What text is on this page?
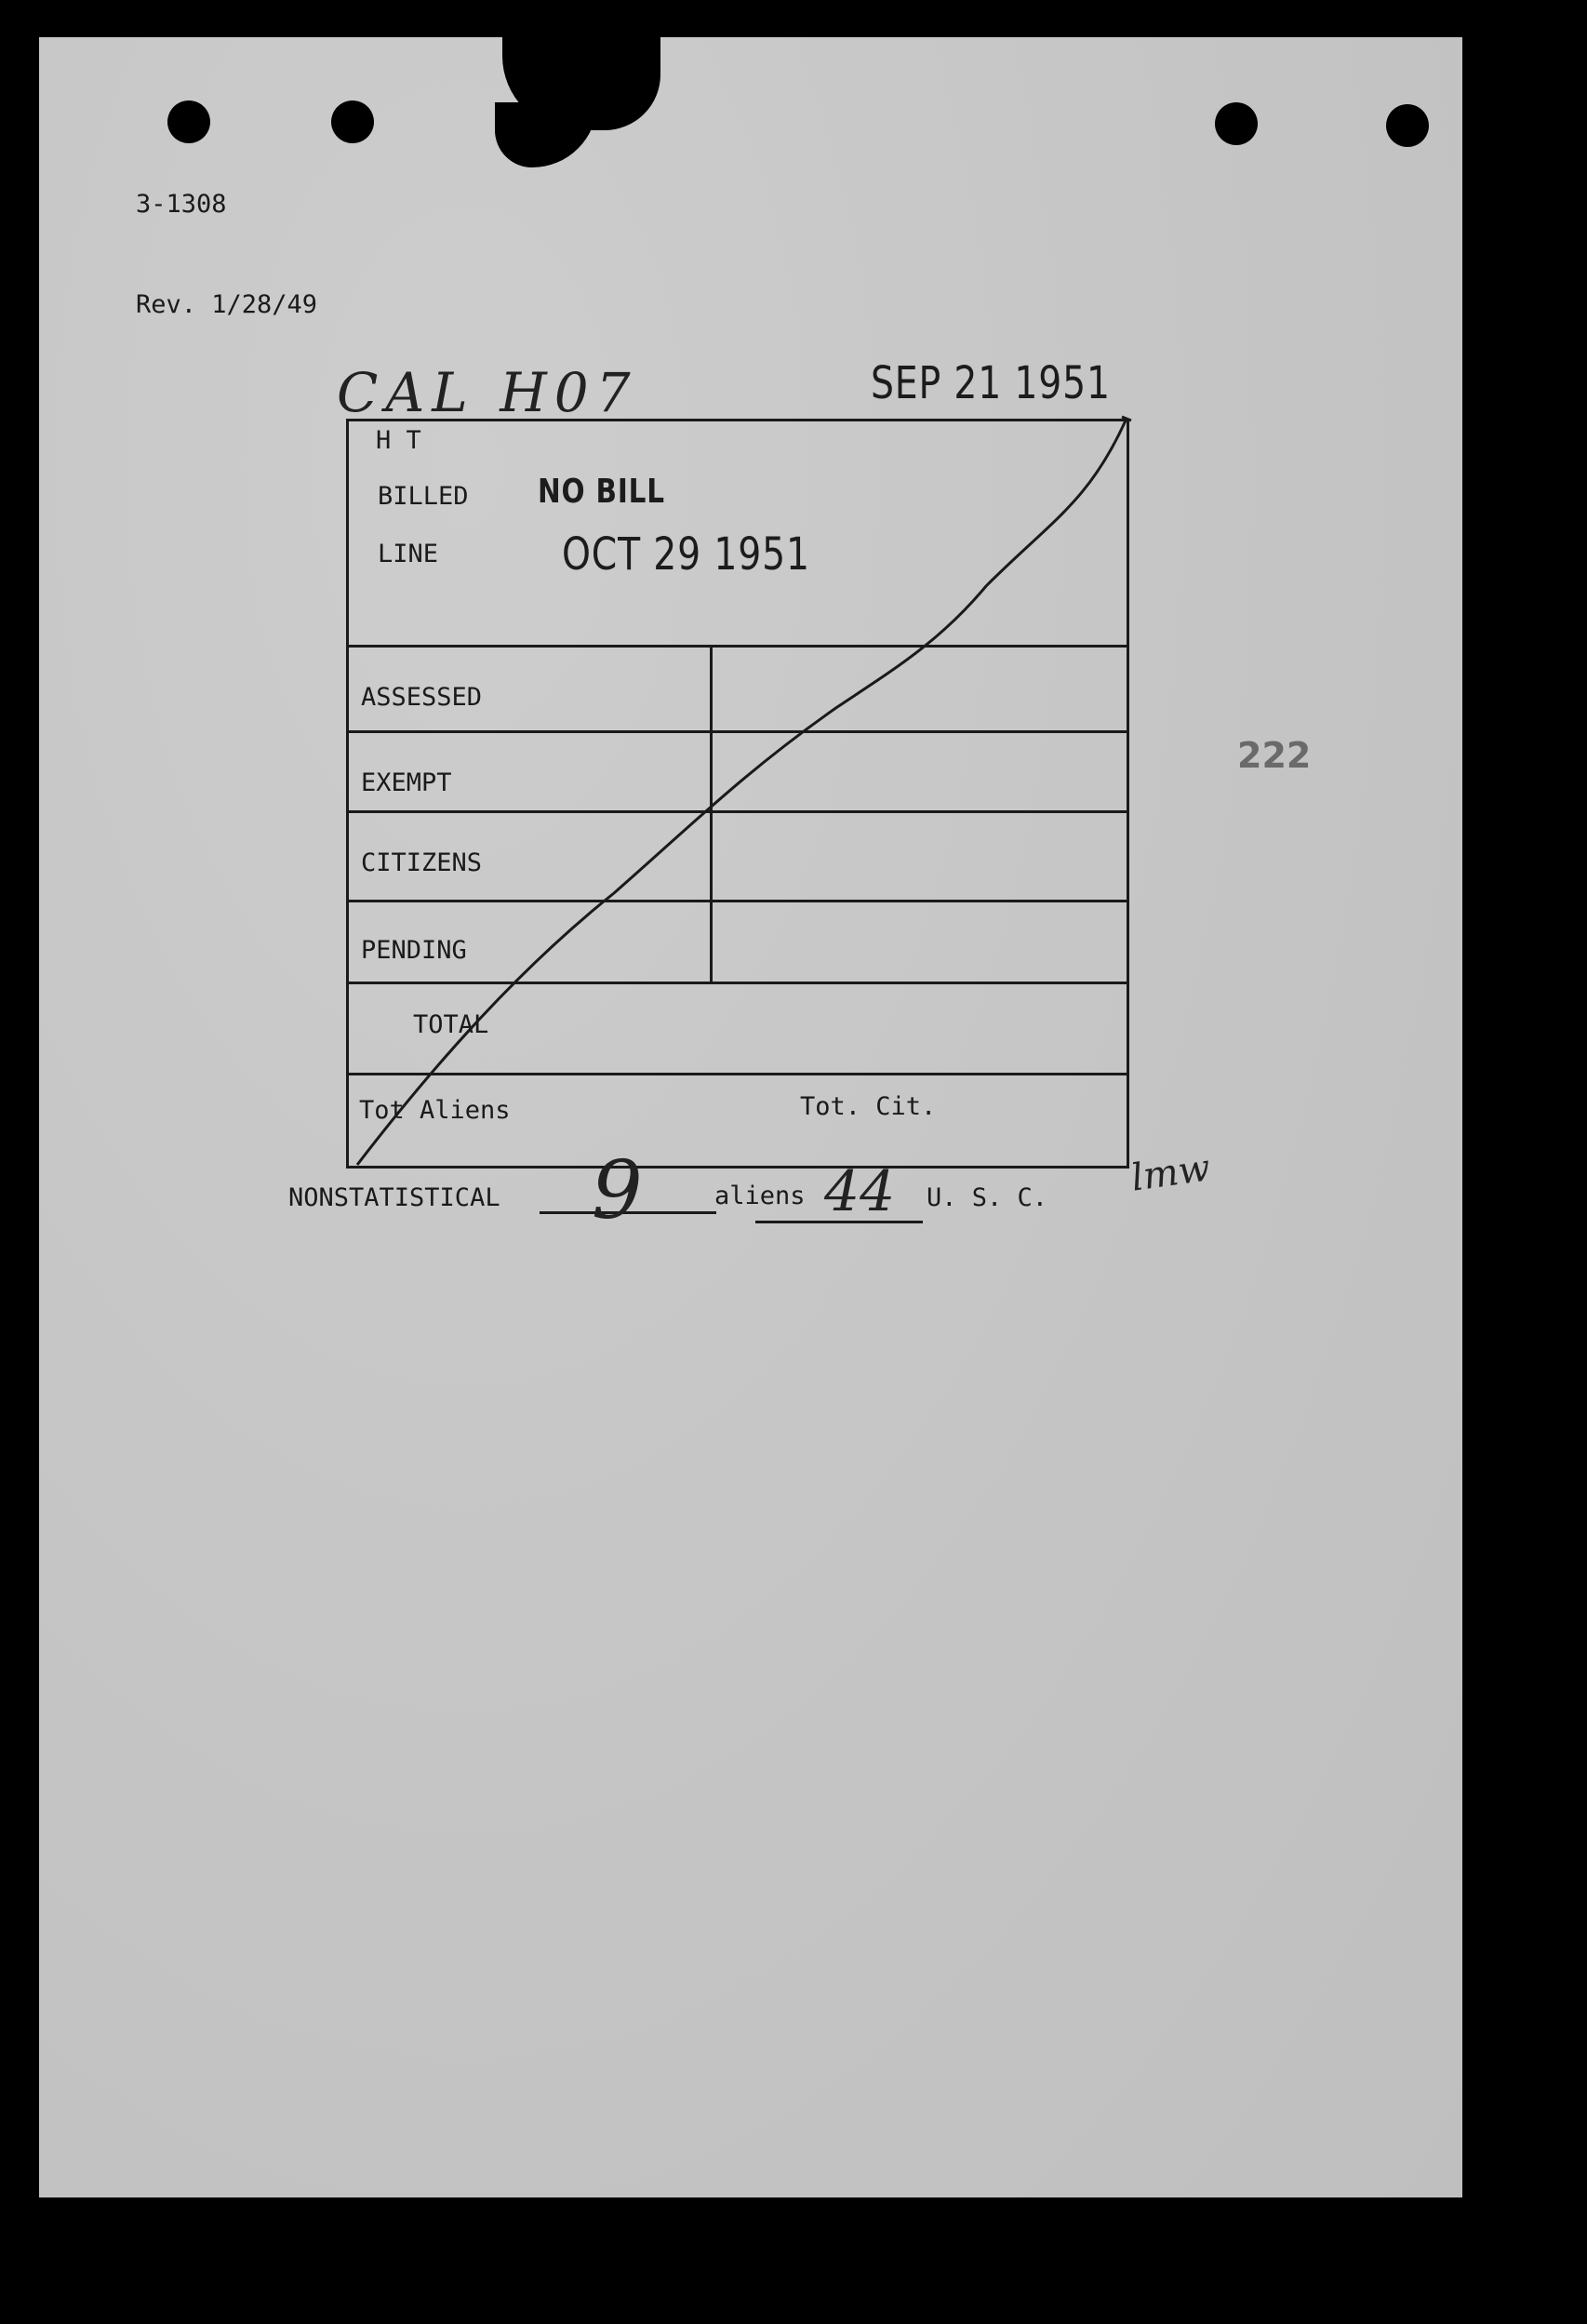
3-1308

Rev. 1/28/49

CAL H07	SEP 21 1951
H T
BILLED NO BILL
LINE	OCT 29 1951
ASSESSED
EXEMPT
CITIZENS
PENDING
TOTAL
Tot Aliens	Tot. Cit.
222
NONSTATISTICAL 9	aliens 44 U. S. C. lmw
